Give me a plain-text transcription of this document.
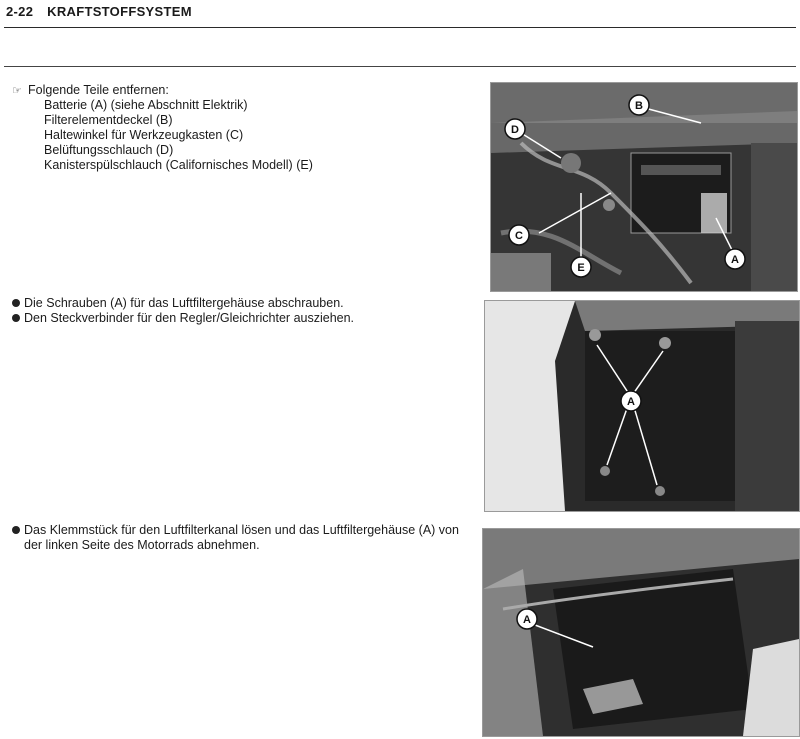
2-22 KRAFTSTOFFSYSTEM
☞ Folgende Teile entfernen:
Batterie (A) (siehe Abschnitt Elektrik)
Filterelementdeckel (B)
Haltewinkel für Werkzeugkasten (C)
Belüftungsschlauch (D)
Kanisterspülschlauch (Californisches Modell) (E)
Die Schrauben (A) für das Luftfiltergehäuse abschrauben.
Den Steckverbinder für den Regler/Gleichrichter ausziehen.
Das Klemmstück für den Luftfilterkanal lösen und das Luftfiltergehäuse (A) von der linken Seite des Motorrads abnehmen.
D
B
C
E
A
A
A
